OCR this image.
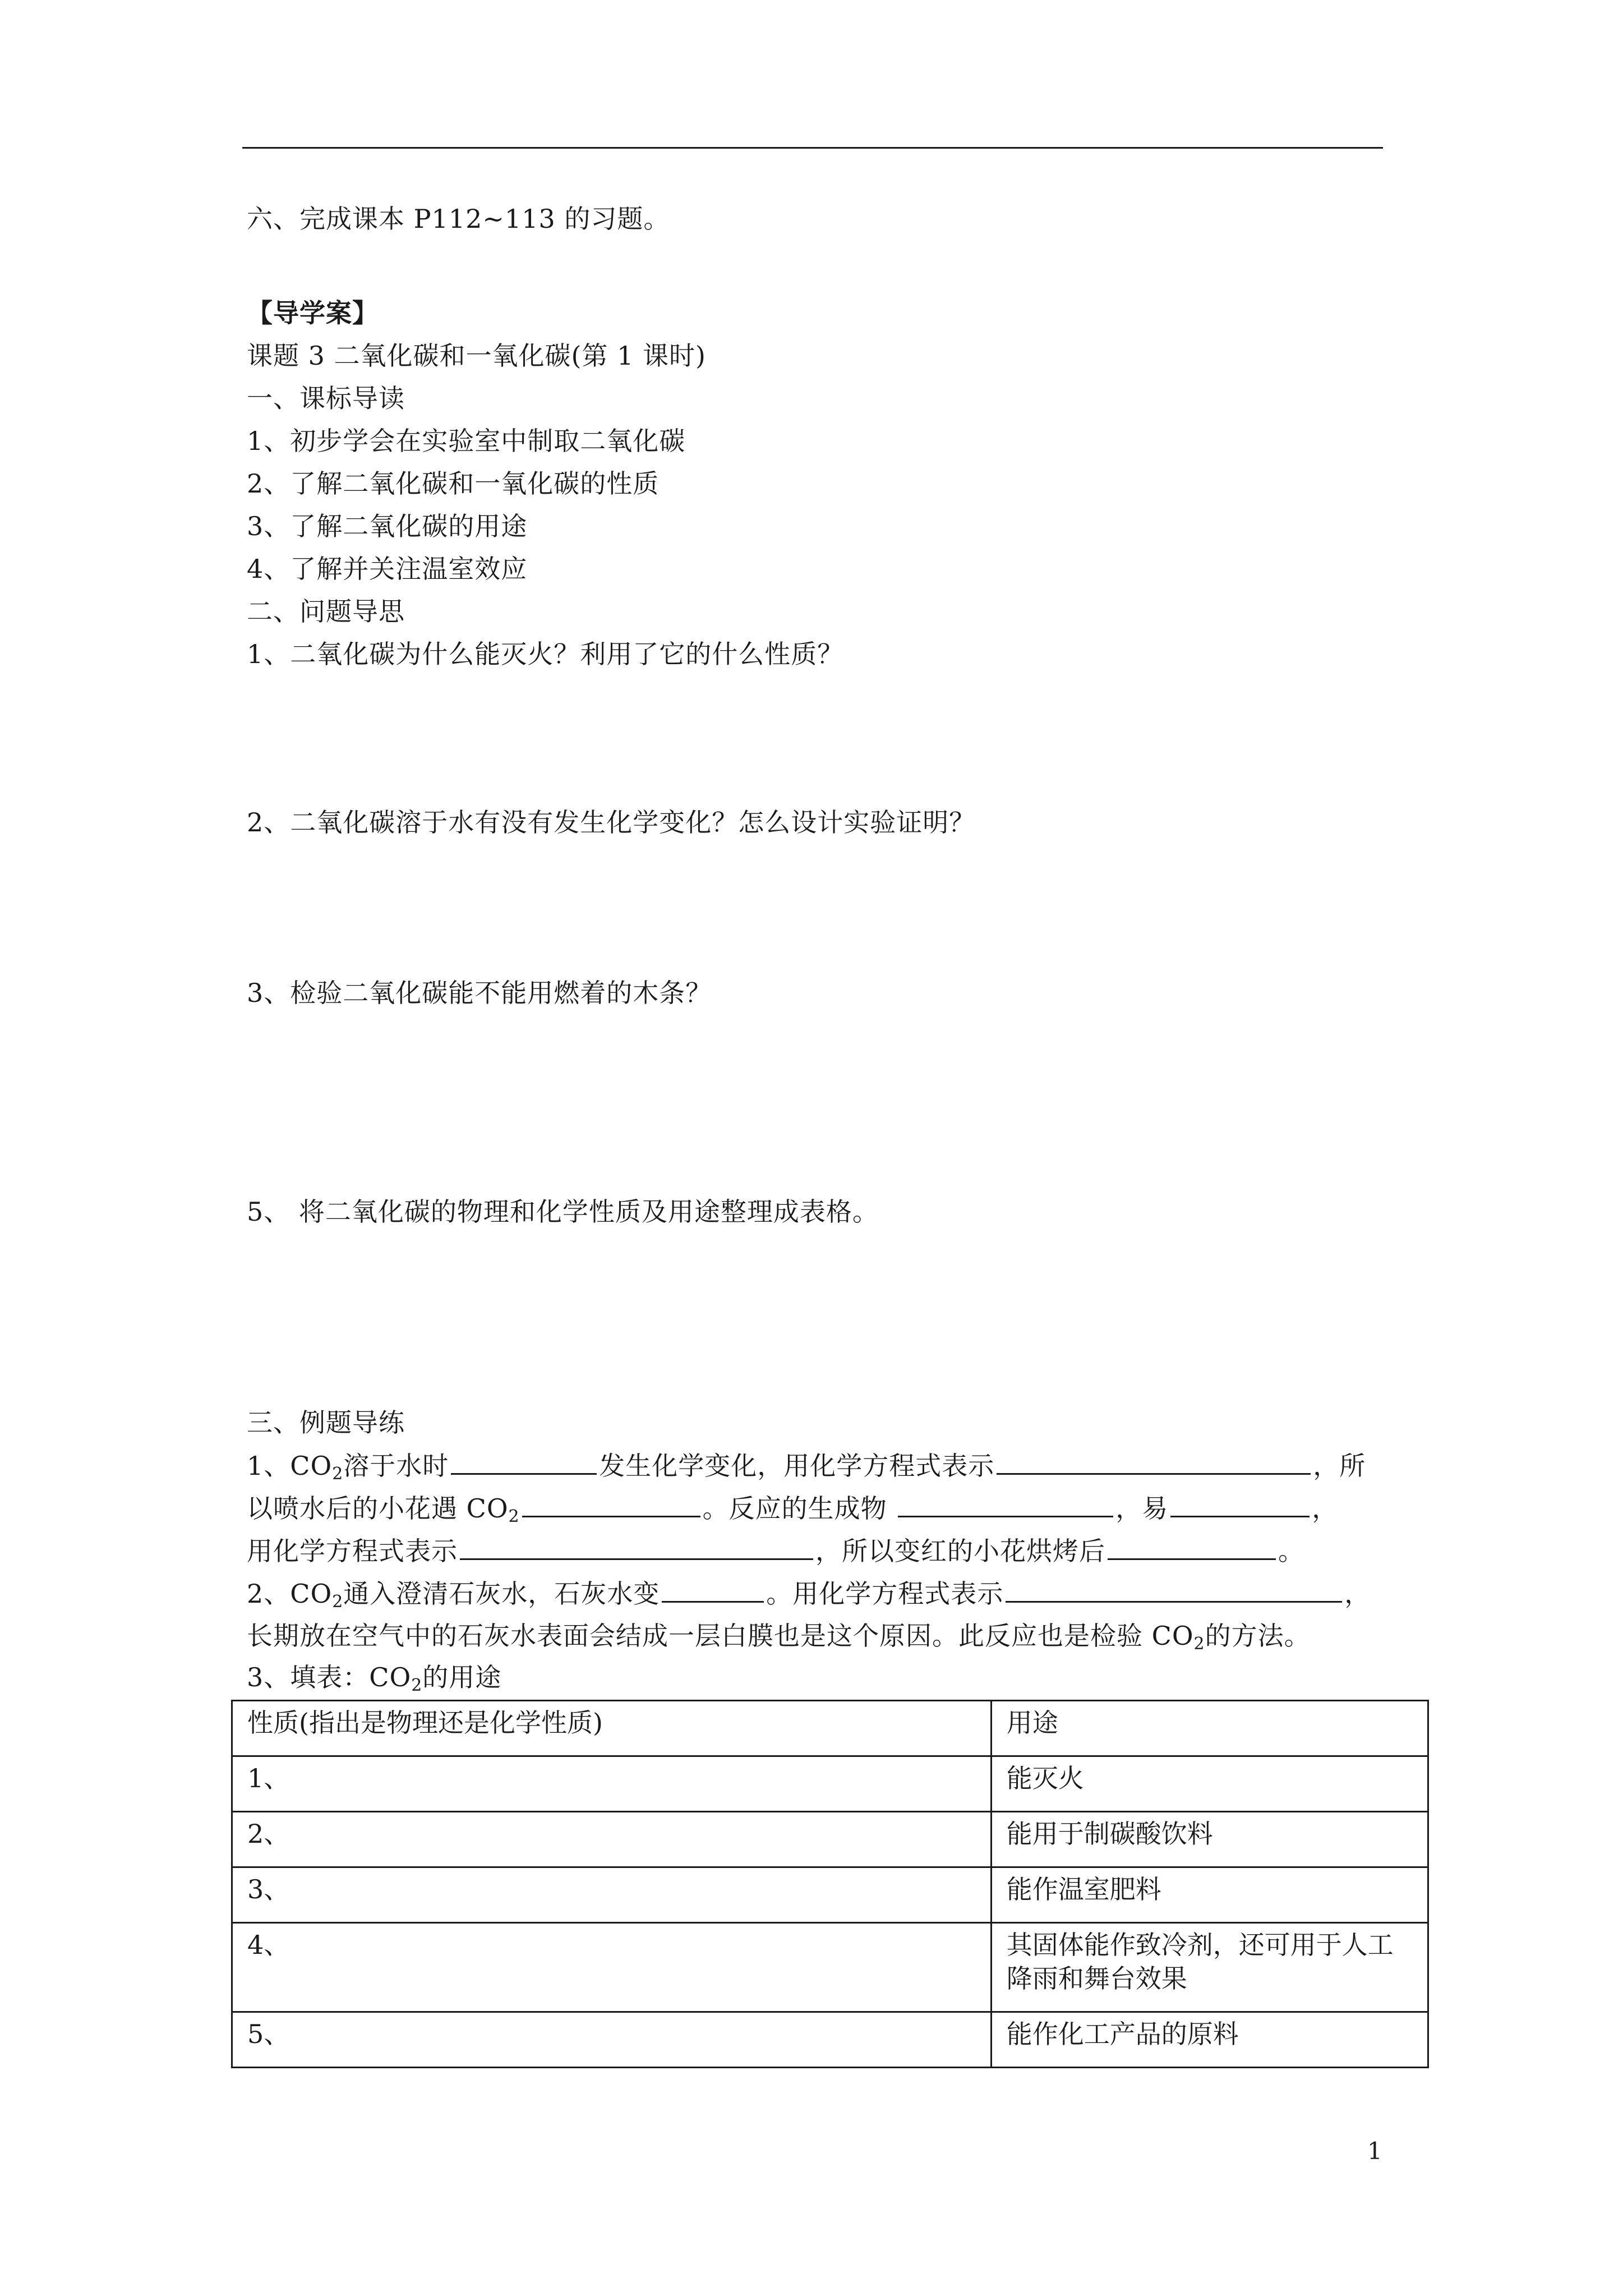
六、完成课本 P112~113 的习题。
【导学案】
课题 3 二氧化碳和一氧化碳(第 1 课时)
一、课标导读
1、初步学会在实验室中制取二氧化碳
2、了解二氧化碳和一氧化碳的性质
3、了解二氧化碳的用途
4、了解并关注温室效应
二、问题导思
1、二氧化碳为什么能灭火？利用了它的什么性质？
2、二氧化碳溶于水有没有发生化学变化？怎么设计实验证明？
3、检验二氧化碳能不能用燃着的木条？
5、 将二氧化碳的物理和化学性质及用途整理成表格。
三、例题导练
1、$CO_2$溶于水时	发生化学变化，用化学方程式表示	，所
以喷水后的小花遇 $CO_2$	。反应的生成物	，易	，
用化学方程式表示	，所以变红的小花烘烤后	。
2、$CO_2$通入澄清石灰水，石灰水变	。用化学方程式表示	，
长期放在空气中的石灰水表面会结成一层白膜也是这个原因。此反应也是检验 $CO_2$的方法。
3、填表：$CO_2$的用途
性质(指出是物理还是化学性质)	用途
1、	能灭火
2、	能用于制碳酸饮料
3、	能作温室肥料
4、	其固体能作致冷剂，还可用于人工降雨和舞台效果
5、	能作化工产品的原料
1
